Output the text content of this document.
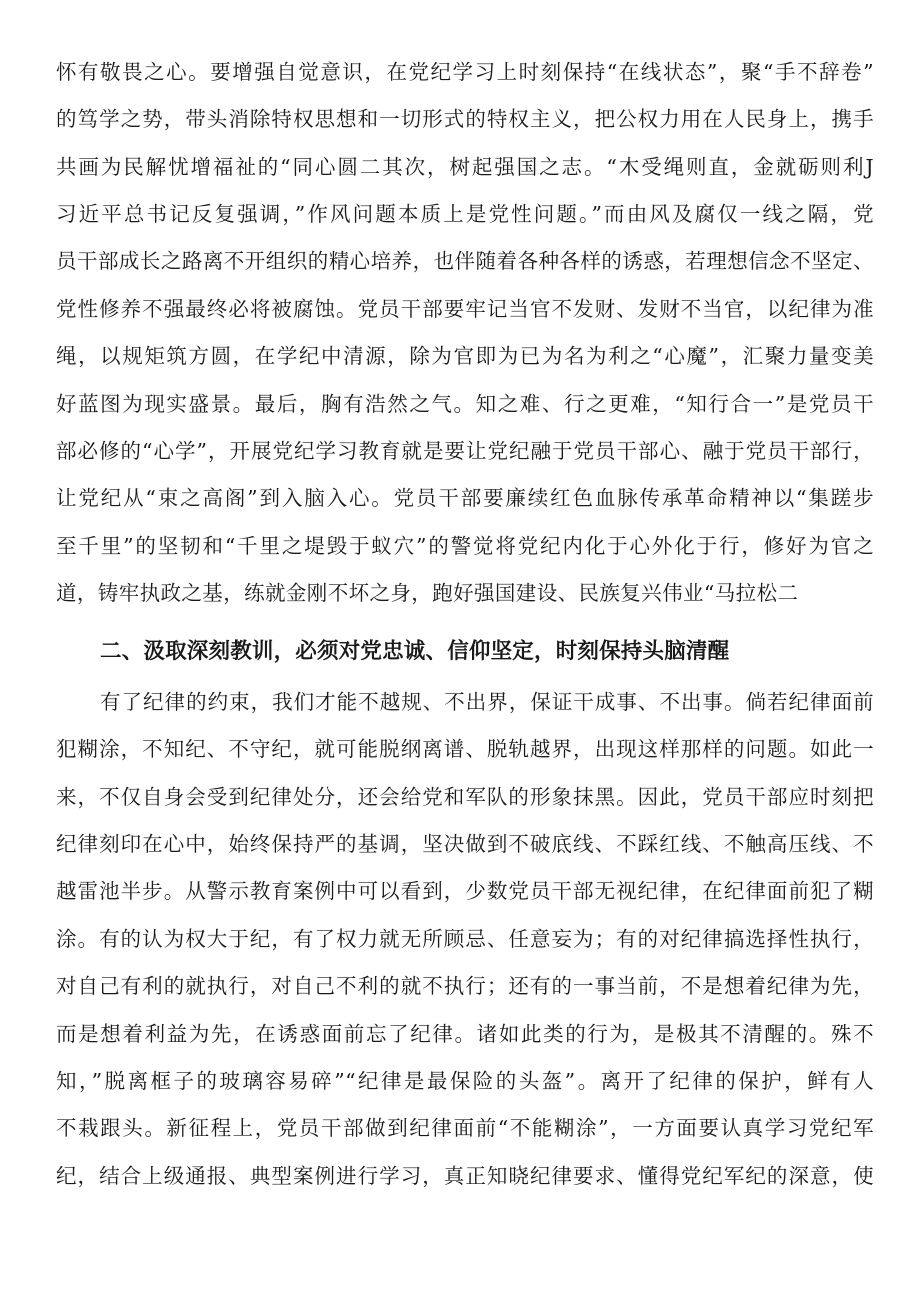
怀有敬畏之心。要增强自觉意识，在党纪学习上时刻保持“在线状态”，聚“手不辞卷”
的笃学之势，带头消除特权思想和一切形式的特权主义，把公权力用在人民身上，携手
共画为民解忧增福祉的“同心圆二其次，树起强国之志。“木受绳则直，金就砺则利J
习近平总书记反复强调，”作风问题本质上是党性问题。”而由风及腐仅一线之隔，党
员干部成长之路离不开组织的精心培养，也伴随着各种各样的诱惑，若理想信念不坚定、
党性修养不强最终必将被腐蚀。党员干部要牢记当官不发财、发财不当官，以纪律为准
绳，以规矩筑方圆，在学纪中清源，除为官即为已为名为利之“心魔”，汇聚力量变美
好蓝图为现实盛景。最后，胸有浩然之气。知之难、行之更难，“知行合一”是党员干
部必修的“心学”，开展党纪学习教育就是要让党纪融于党员干部心、融于党员干部行，
让党纪从“束之高阁”到入脑入心。党员干部要廉续红色血脉传承革命精神以“集蹉步
至千里”的坚韧和“千里之堤毁于蚁穴”的警觉将党纪内化于心外化于行，修好为官之
道，铸牢执政之基，练就金刚不坏之身，跑好强国建设、民族复兴伟业“马拉松二
二、汲取深刻教训，必须对党忠诚、信仰坚定，时刻保持头脑清醒
有了纪律的约束，我们才能不越规、不出界，保证干成事、不出事。倘若纪律面前
犯糊涂，不知纪、不守纪，就可能脱纲离谱、脱轨越界，出现这样那样的问题。如此一
来，不仅自身会受到纪律处分，还会给党和军队的形象抹黑。因此，党员干部应时刻把
纪律刻印在心中，始终保持严的基调，坚决做到不破底线、不踩红线、不触高压线、不
越雷池半步。从警示教育案例中可以看到，少数党员干部无视纪律，在纪律面前犯了糊
涂。有的认为权大于纪，有了权力就无所顾忌、任意妄为；有的对纪律搞选择性执行，
对自己有利的就执行，对自己不利的就不执行；还有的一事当前，不是想着纪律为先，
而是想着利益为先，在诱惑面前忘了纪律。诸如此类的行为，是极其不清醒的。殊不
知，”脱离框子的玻璃容易碎”“纪律是最保险的头盔”。离开了纪律的保护，鲜有人
不栽跟头。新征程上，党员干部做到纪律面前“不能糊涂”，一方面要认真学习党纪军
纪，结合上级通报、典型案例进行学习，真正知晓纪律要求、懂得党纪军纪的深意，使
